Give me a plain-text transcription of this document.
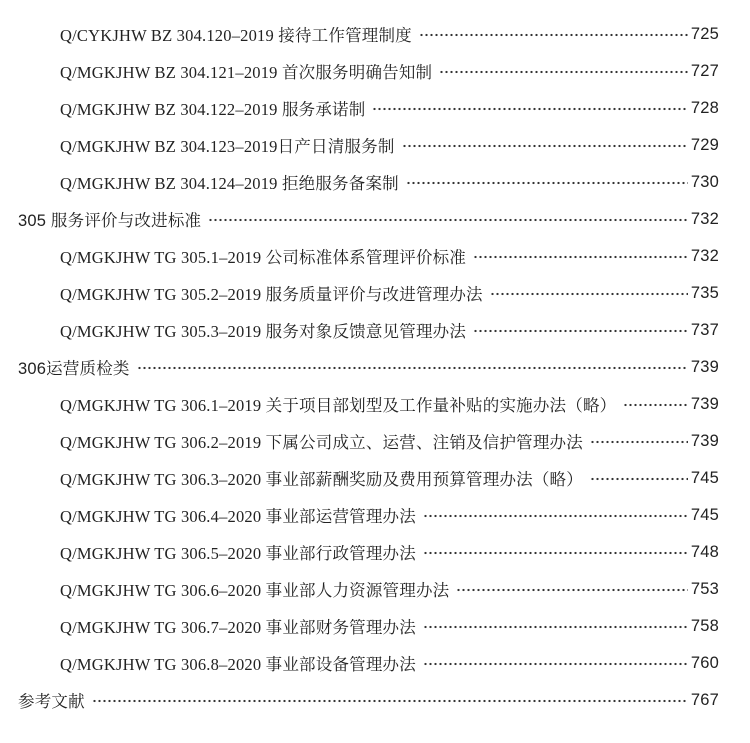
Q/CYKJHW BZ 304.120–2019 接待工作管理制度	725
Q/MGKJHW BZ 304.121–2019 首次服务明确告知制	727
Q/MGKJHW BZ 304.122–2019 服务承诺制	728
Q/MGKJHW BZ 304.123–2019日产日清服务制	729
Q/MGKJHW BZ 304.124–2019 拒绝服务备案制	730
305 服务评价与改进标准	732
Q/MGKJHW TG 305.1–2019 公司标准体系管理评价标准	732
Q/MGKJHW TG 305.2–2019 服务质量评价与改进管理办法	735
Q/MGKJHW TG 305.3–2019 服务对象反馈意见管理办法	737
306运营质检类	739
Q/MGKJHW TG 306.1–2019 关于项目部划型及工作量补贴的实施办法（略）	739
Q/MGKJHW TG 306.2–2019 下属公司成立、运营、注销及信护管理办法	739
Q/MGKJHW TG 306.3–2020 事业部薪酬奖励及费用预算管理办法（略）	745
Q/MGKJHW TG 306.4–2020 事业部运营管理办法	745
Q/MGKJHW TG 306.5–2020 事业部行政管理办法	748
Q/MGKJHW TG 306.6–2020 事业部人力资源管理办法	753
Q/MGKJHW TG 306.7–2020 事业部财务管理办法	758
Q/MGKJHW TG 306.8–2020 事业部设备管理办法	760
参考文献	767
